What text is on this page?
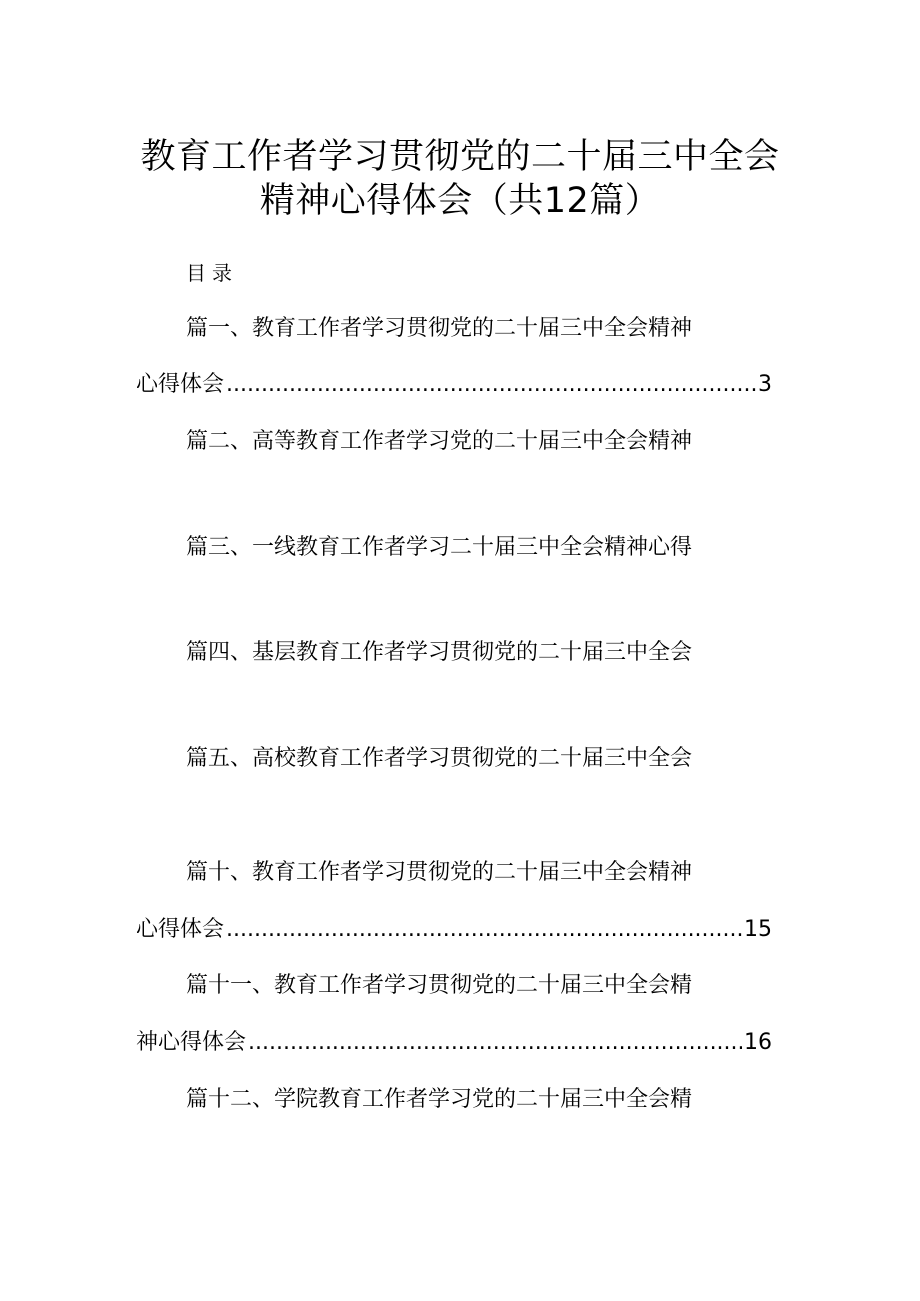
教育工作者学习贯彻党的二十届三中全会
精神心得体会（共12篇）
目录
篇一、教育工作者学习贯彻党的二十届三中全会精神
心得体会 .....	3
篇二、高等教育工作者学习党的二十届三中全会精神
篇三、一线教育工作者学习二十届三中全会精神心得
篇四、基层教育工作者学习贯彻党的二十届三中全会
篇五、高校教育工作者学习贯彻党的二十届三中全会
篇十、教育工作者学习贯彻党的二十届三中全会精神
心得体会 .....	15
篇十一、教育工作者学习贯彻党的二十届三中全会精
神心得体会 .....	16
篇十二、学院教育工作者学习党的二十届三中全会精
